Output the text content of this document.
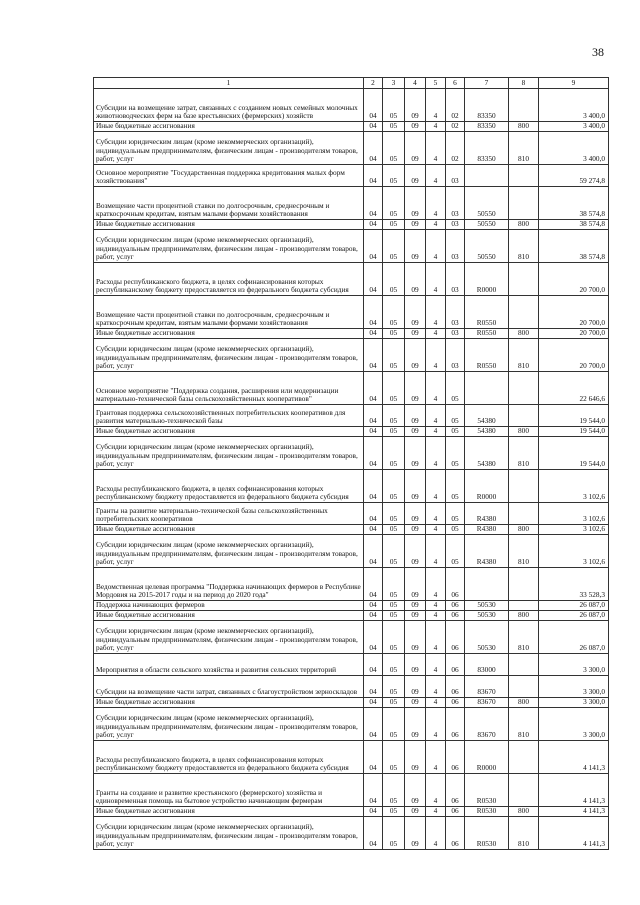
38
1	2	3	4	5	6	7	8	9
Субсидии на возмещение затрат, связанных с созданием новых семейных молочных животноводческих ферм на базе крестьянских (фермерских) хозяйств	04	05	09	4	02	83350		3 400,0
Иные бюджетные ассигнования	04	05	09	4	02	83350	800	3 400,0
Субсидии юридическим лицам (кроме некоммерческих организаций), индивидуальным предпринимателям, физическим лицам - производителям товаров, работ, услуг	04	05	09	4	02	83350	810	3 400,0
Основное мероприятие "Государственная поддержка кредитования малых форм хозяйствования"	04	05	09	4	03			59 274,8
Возмещение части процентной ставки по долгосрочным, среднесрочным и краткосрочным кредитам, взятым малыми формами хозяйствования	04	05	09	4	03	50550		38 574,8
Иные бюджетные ассигнования	04	05	09	4	03	50550	800	38 574,8
Субсидии юридическим лицам (кроме некоммерческих организаций), индивидуальным предпринимателям, физическим лицам - производителям товаров, работ, услуг	04	05	09	4	03	50550	810	38 574,8
Расходы республиканского бюджета, в целях софинансирования которых республиканскому бюджету предоставляется из федерального бюджета субсидия	04	05	09	4	03	R0000		20 700,0
Возмещение части процентной ставки по долгосрочным, среднесрочным и краткосрочным кредитам, взятым малыми формами хозяйствования	04	05	09	4	03	R0550		20 700,0
Иные бюджетные ассигнования	04	05	09	4	03	R0550	800	20 700,0
Субсидии юридическим лицам (кроме некоммерческих организаций), индивидуальным предпринимателям, физическим лицам - производителям товаров, работ, услуг	04	05	09	4	03	R0550	810	20 700,0
Основное мероприятие "Поддержка создания, расширения или модернизации материально-технической базы сельскохозяйственных кооперативов"	04	05	09	4	05			22 646,6
Грантовая поддержка сельскохозяйственных потребительских кооперативов для развития материально-технической базы	04	05	09	4	05	54380		19 544,0
Иные бюджетные ассигнования	04	05	09	4	05	54380	800	19 544,0
Субсидии юридическим лицам (кроме некоммерческих организаций), индивидуальным предпринимателям, физическим лицам - производителям товаров, работ, услуг	04	05	09	4	05	54380	810	19 544,0
Расходы республиканского бюджета, в целях софинансирования которых республиканскому бюджету предоставляется из федерального бюджета субсидия	04	05	09	4	05	R0000		3 102,6
Гранты на развитие материально-технической базы сельскохозяйственных потребительских кооперативов	04	05	09	4	05	R4380		3 102,6
Иные бюджетные ассигнования	04	05	09	4	05	R4380	800	3 102,6
Субсидии юридическим лицам (кроме некоммерческих организаций), индивидуальным предпринимателям, физическим лицам - производителям товаров, работ, услуг	04	05	09	4	05	R4380	810	3 102,6
Ведомственная целевая программа "Поддержка начинающих фермеров в Республике Мордовия на 2015-2017 годы и на период до 2020 года"	04	05	09	4	06			33 528,3
Поддержка начинающих фермеров	04	05	09	4	06	50530		26 087,0
Иные бюджетные ассигнования	04	05	09	4	06	50530	800	26 087,0
Субсидии юридическим лицам (кроме некоммерческих организаций), индивидуальным предпринимателям, физическим лицам - производителям товаров, работ, услуг	04	05	09	4	06	50530	810	26 087,0
Мероприятия в области сельского хозяйства и развития сельских территорий	04	05	09	4	06	83000		3 300,0
Субсидии на возмещение части затрат, связанных с благоустройством зерноскладов	04	05	09	4	06	83670		3 300,0
Иные бюджетные ассигнования	04	05	09	4	06	83670	800	3 300,0
Субсидии юридическим лицам (кроме некоммерческих организаций), индивидуальным предпринимателям, физическим лицам - производителям товаров, работ, услуг	04	05	09	4	06	83670	810	3 300,0
Расходы республиканского бюджета, в целях софинансирования которых республиканскому бюджету предоставляется из федерального бюджета субсидия	04	05	09	4	06	R0000		4 141,3
Гранты на создание и развитие крестьянского (фермерского) хозяйства и единовременная помощь на бытовое устройство начинающим фермерам	04	05	09	4	06	R0530		4 141,3
Иные бюджетные ассигнования	04	05	09	4	06	R0530	800	4 141,3
Субсидии юридическим лицам (кроме некоммерческих организаций), индивидуальным предпринимателям, физическим лицам - производителям товаров, работ, услуг	04	05	09	4	06	R0530	810	4 141,3
